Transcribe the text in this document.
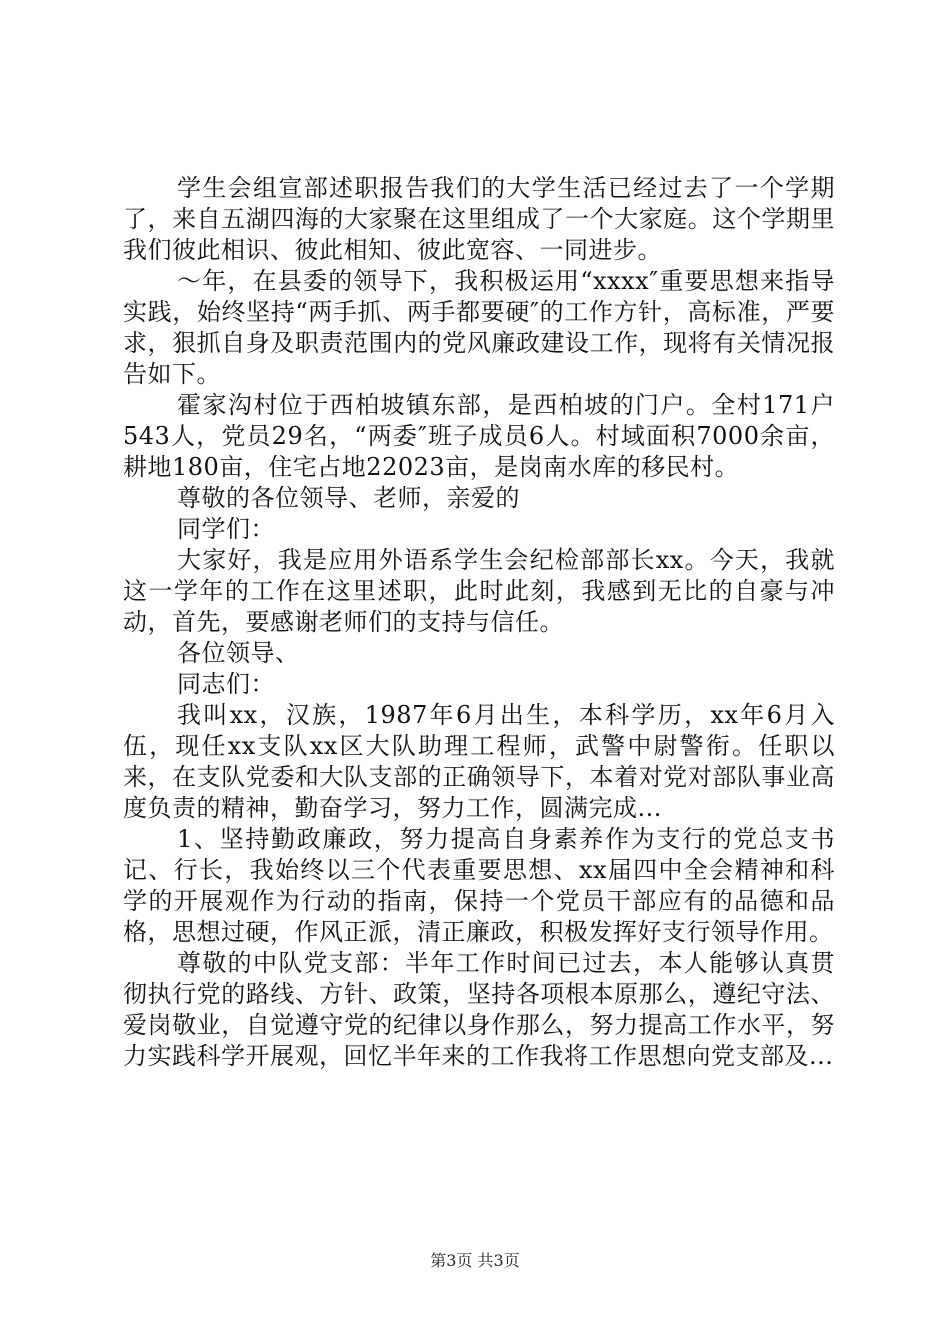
学生会组宣部述职报告我们的大学生活已经过去了一个学期了，来自五湖四海的大家聚在这里组成了一个大家庭。这个学期里我们彼此相识、彼此相知、彼此宽容、一同进步。

～年，在县委的领导下，我积极运用“xxxx″重要思想来指导实践，始终坚持“两手抓、两手都要硬″的工作方针，高标准，严要求，狠抓自身及职责范围内的党风廉政建设工作，现将有关情况报告如下。

霍家沟村位于西柏坡镇东部，是西柏坡的门户。全村171户543人，党员29名，“两委″班子成员6人。村域面积7000余亩，耕地180亩，住宅占地22023亩，是岗南水库的移民村。

尊敬的各位领导、老师，亲爱的

同学们：

大家好，我是应用外语系学生会纪检部部长xx。今天，我就这一学年的工作在这里述职，此时此刻，我感到无比的自豪与冲动，首先，要感谢老师们的支持与信任。

各位领导、

同志们：

我叫xx，汉族，1987年6月出生，本科学历，xx年6月入伍，现任xx支队xx区大队助理工程师，武警中尉警衔。任职以来，在支队党委和大队支部的正确领导下，本着对党对部队事业高度负责的精神，勤奋学习，努力工作，圆满完成...

1、坚持勤政廉政，努力提高自身素养作为支行的党总支书记、行长，我始终以三个代表重要思想、xx届四中全会精神和科学的开展观作为行动的指南，保持一个党员干部应有的品德和品格，思想过硬，作风正派，清正廉政，积极发挥好支行领导作用。

尊敬的中队党支部：半年工作时间已过去，本人能够认真贯彻执行党的路线、方针、政策，坚持各项根本原那么，遵纪守法、爱岗敬业，自觉遵守党的纪律以身作那么，努力提高工作水平，努力实践科学开展观，回忆半年来的工作我将工作思想向党支部及...

第3页 共3页
